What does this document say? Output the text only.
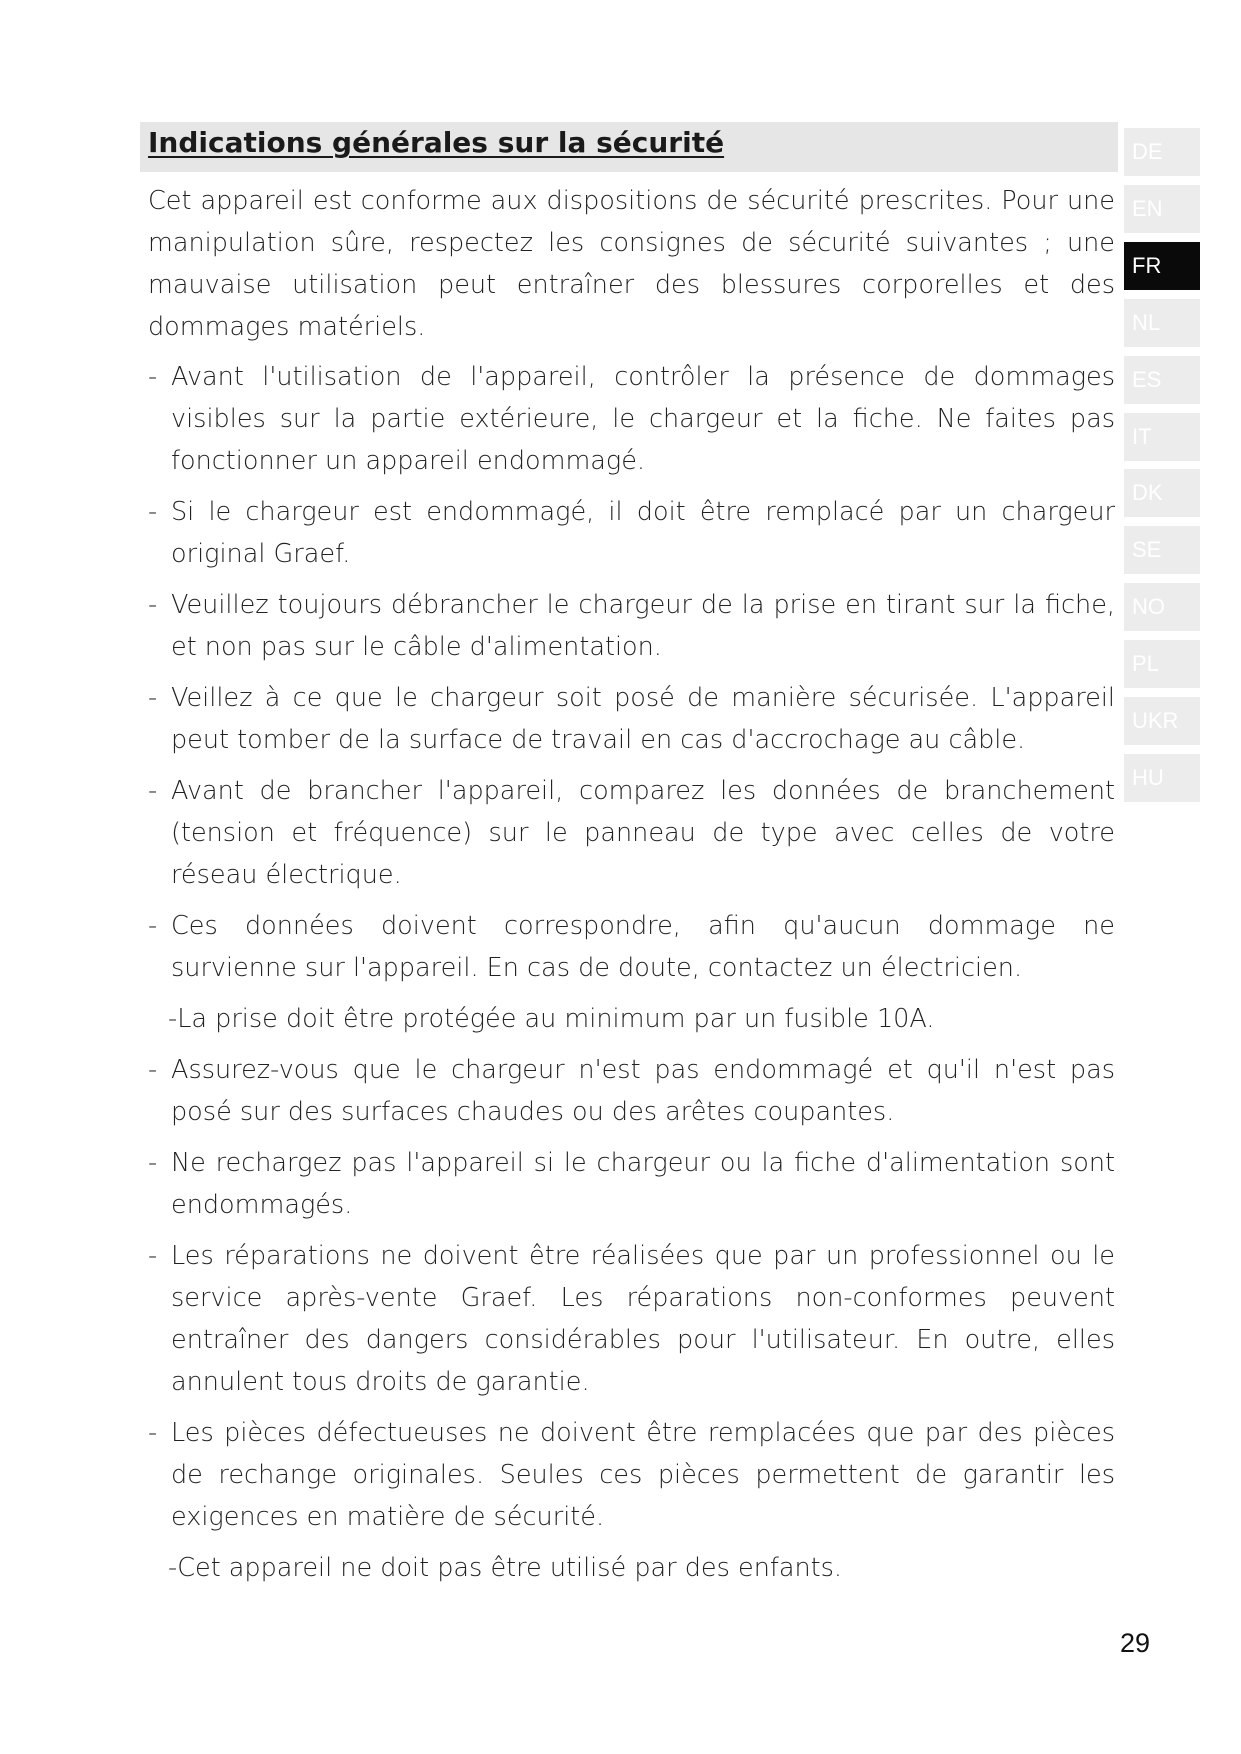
Indications générales sur la sécurité

Cet appareil est conforme aux dispositions de sécurité prescrites. Pour une manipulation sûre, respectez les consignes de sécurité suivantes ; une mauvaise utilisation peut entraîner des blessures corporelles et des dommages matériels.

- Avant l'utilisation de l'appareil, contrôler la présence de dommages visibles sur la partie extérieure, le chargeur et la fiche. Ne faites pas fonctionner un appareil endommagé.
- Si le chargeur est endommagé, il doit être remplacé par un chargeur original Graef.
- Veuillez toujours débrancher le chargeur de la prise en tirant sur la fiche, et non pas sur le câble d'alimentation.
- Veillez à ce que le chargeur soit posé de manière sécurisée. L'appareil peut tomber de la surface de travail en cas d'accrochage au câble.
- Avant de brancher l'appareil, comparez les données de branchement (tension et fréquence) sur le panneau de type avec celles de votre réseau électrique.
- Ces données doivent correspondre, afin qu'aucun dommage ne survienne sur l'appareil. En cas de doute, contactez un électricien.
-La prise doit être protégée au minimum par un fusible 10A.
- Assurez-vous que le chargeur n'est pas endommagé et qu'il n'est pas posé sur des surfaces chaudes ou des arêtes coupantes.
- Ne rechargez pas l'appareil si le chargeur ou la fiche d'alimentation sont endommagés.
- Les réparations ne doivent être réalisées que par un professionnel ou le service après-vente Graef. Les réparations non-conformes peuvent entraîner des dangers considérables pour l'utilisateur. En outre, elles annulent tous droits de garantie.
- Les pièces défectueuses ne doivent être remplacées que par des pièces de rechange originales. Seules ces pièces permettent de garantir les exigences en matière de sécurité.
-Cet appareil ne doit pas être utilisé par des enfants.
DE
EN
FR
NL
ES
IT
DK
SE
NO
PL
UKR
HU
29
